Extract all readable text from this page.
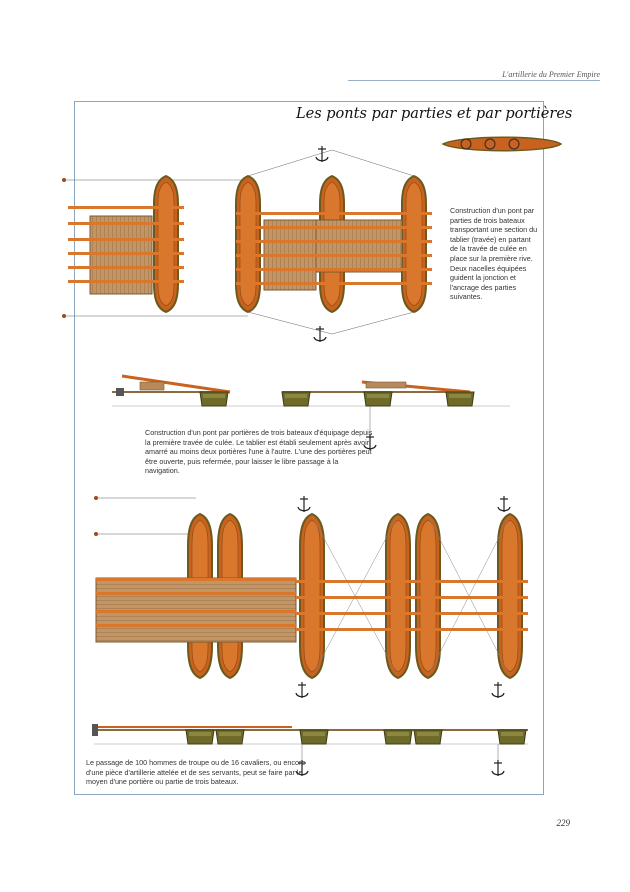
L'artillerie du Premier Empire
Les ponts par parties et par portières
Construction d'un pont par parties de trois bateaux transportant une section du tablier (travée) en partant de la travée de culée en place sur la première rive. Deux nacelles équipées guident la jonction et l'ancrage des parties suivantes.
Construction d'un pont par portières de trois bateaux d'équipage depuis la première travée de culée. Le tablier est établi seulement après avoir amarré au moins deux portières l'une à l'autre. L'une des portières peut être ouverte, puis refermée, pour laisser le libre passage à la navigation.
Le passage de 100 hommes de troupe ou de 16 cavaliers, ou encore d'une pièce d'artillerie attelée et de ses servants, peut se faire par le moyen d'une portière ou partie de trois bateaux.
229
